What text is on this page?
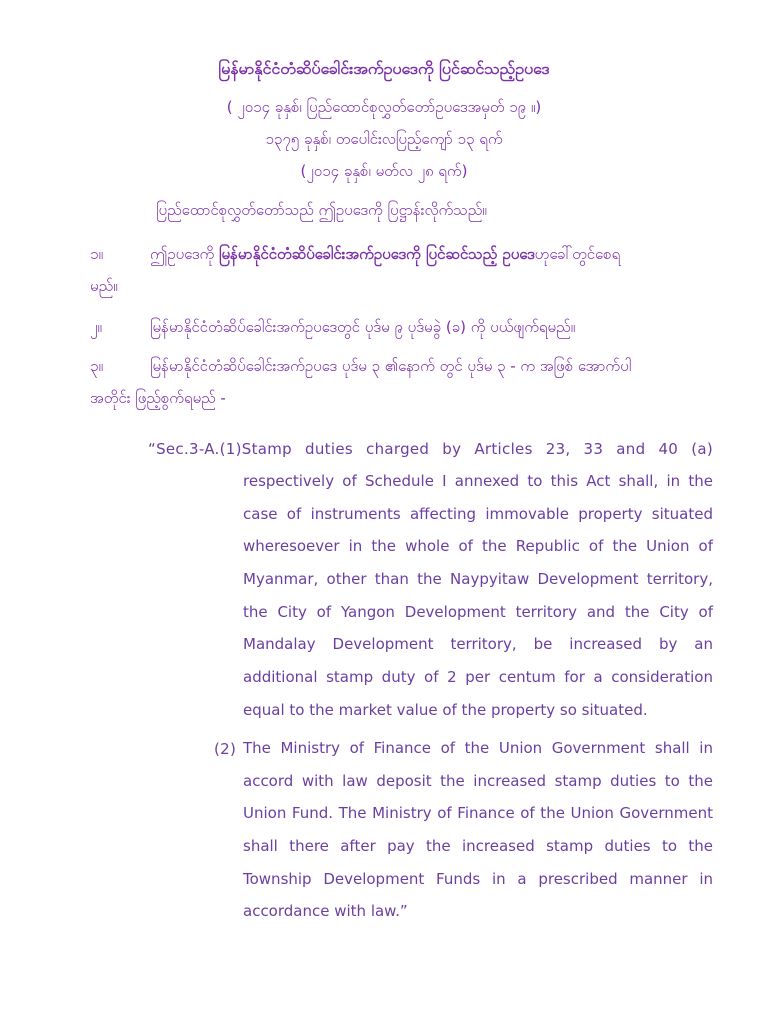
မြန်မာနိုင်ငံတံဆိပ်ခေါင်းအက်ဥပဒေကို ပြင်ဆင်သည့်ဥပဒေ
( ၂၀၁၄ ခုနှစ်၊ ပြည်ထောင်စုလွှတ်တော်ဥပဒေအမှတ် ၁၉ ။)
၁၃၇၅ ခုနှစ်၊ တပေါင်းလပြည့်ကျော် ၁၃ ရက်
(၂၀၁၄ ခုနှစ်၊ မတ်လ ၂၈ ရက်)
ပြည်ထောင်စုလွှတ်တော်သည် ဤဥပဒေကို ပြဋ္ဌာန်းလိုက်သည်။
၁။	ဤဥပဒေကို မြန်မာနိုင်ငံတံဆိပ်ခေါင်းအက်ဥပဒေကို ပြင်ဆင်သည့် ဥပဒေဟုခေါ်တွင်စေရ
မည်။
၂။	မြန်မာနိုင်ငံတံဆိပ်ခေါင်းအက်ဥပဒေတွင် ပုဒ်မ ၉ ပုဒ်မခွဲ (ခ) ကို ပယ်ဖျက်ရမည်။
၃။	မြန်မာနိုင်ငံတံဆိပ်ခေါင်းအက်ဥပဒေ ပုဒ်မ ၃ ၏နောက် တွင် ပုဒ်မ ၃ - က အဖြစ် အောက်ပါ
အတိုင်း ဖြည့်စွက်ရမည် -
“Sec.3-A.(1)Stamp duties charged by Articles 23, 33 and 40 (a)
respectively of Schedule I annexed to this Act shall, in the
case of instruments affecting immovable property situated
wheresoever in the whole of the Republic of the Union of
Myanmar, other than the Naypyitaw Development territory,
the City of Yangon Development territory and the City of
Mandalay Development territory, be increased by an
additional stamp duty of 2 per centum for a consideration
equal to the market value of the property so situated.
(2) The Ministry of Finance of the Union Government shall in
accord with law deposit the increased stamp duties to the
Union Fund. The Ministry of Finance of the Union Government
shall there after pay the increased stamp duties to the
Township Development Funds in a prescribed manner in
accordance with law.”
